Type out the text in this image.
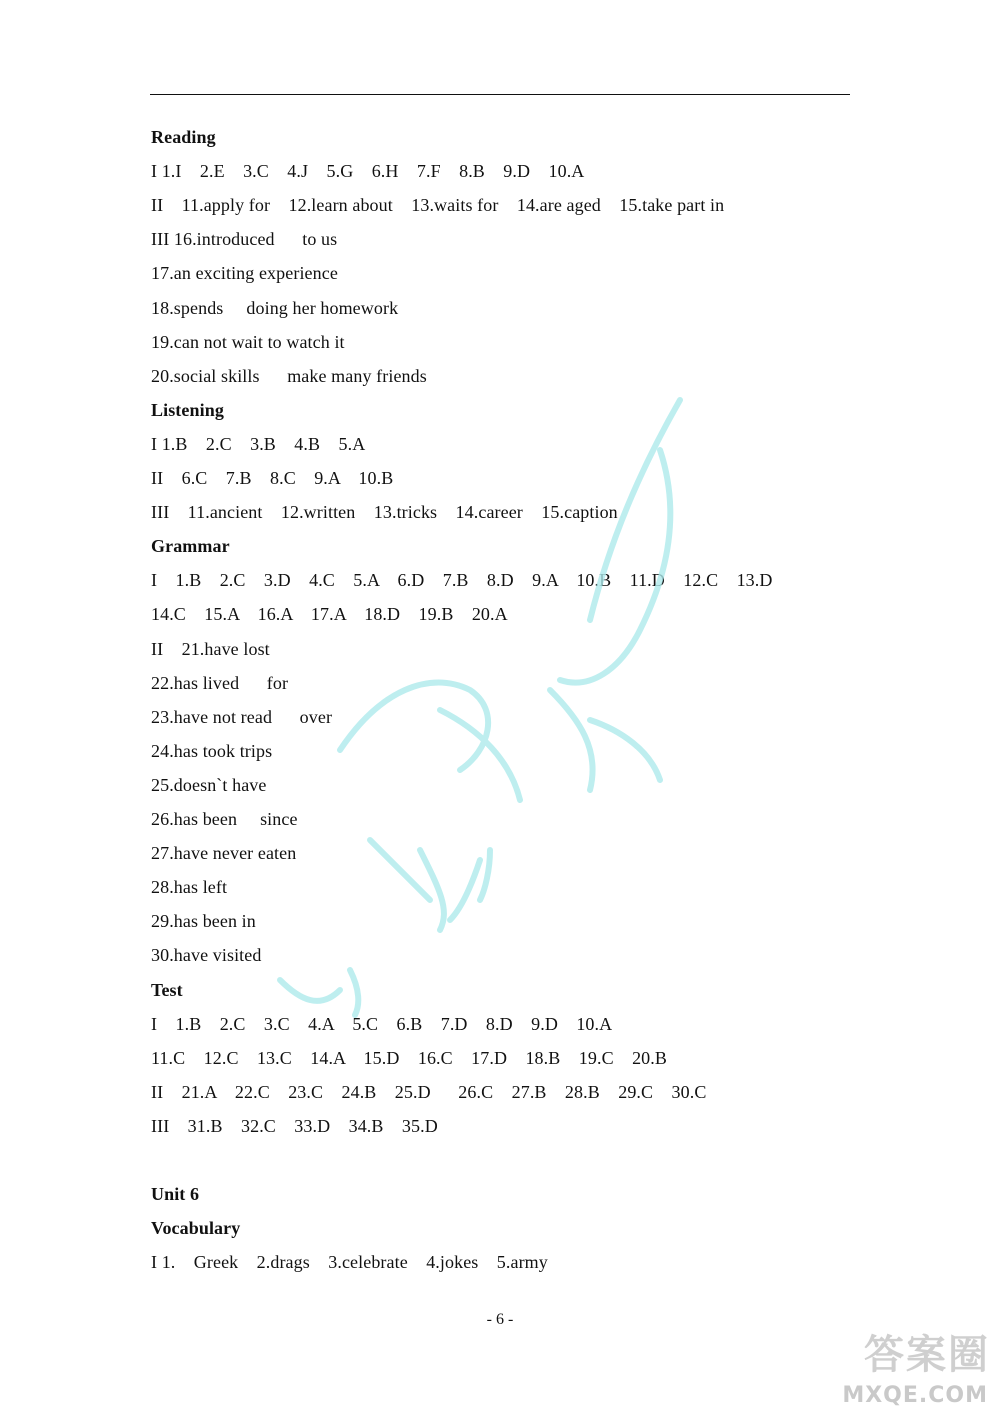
Reading
I 1.I    2.E    3.C    4.J    5.G    6.H    7.F    8.B    9.D    10.A
II    11.apply for    12.learn about    13.waits for    14.are aged    15.take part in
III 16.introduced      to us
17.an exciting experience
18.spends     doing her homework
19.can not wait to watch it
20.social skills      make many friends
Listening
I 1.B    2.C    3.B    4.B    5.A
II    6.C    7.B    8.C    9.A    10.B
III    11.ancient    12.written    13.tricks    14.career    15.caption
Grammar
I    1.B    2.C    3.D    4.C    5.A    6.D    7.B    8.D    9.A    10.B    11.D    12.C    13.D
14.C    15.A    16.A    17.A    18.D    19.B    20.A
II    21.have lost
22.has lived      for
23.have not read      over
24.has took trips
25.doesn`t have
26.has been     since
27.have never eaten
28.has left
29.has been in
30.have visited
Test
I    1.B    2.C    3.C    4.A    5.C    6.B    7.D    8.D    9.D    10.A
11.C    12.C    13.C    14.A    15.D    16.C    17.D    18.B    19.C    20.B
II    21.A    22.C    23.C    24.B    25.D      26.C    27.B    28.B    29.C    30.C
III    31.B    32.C    33.D    34.B    35.D
Unit 6
Vocabulary
I 1.    Greek    2.drags    3.celebrate    4.jokes    5.army
- 6 -
答案圈
MXQE.COM
